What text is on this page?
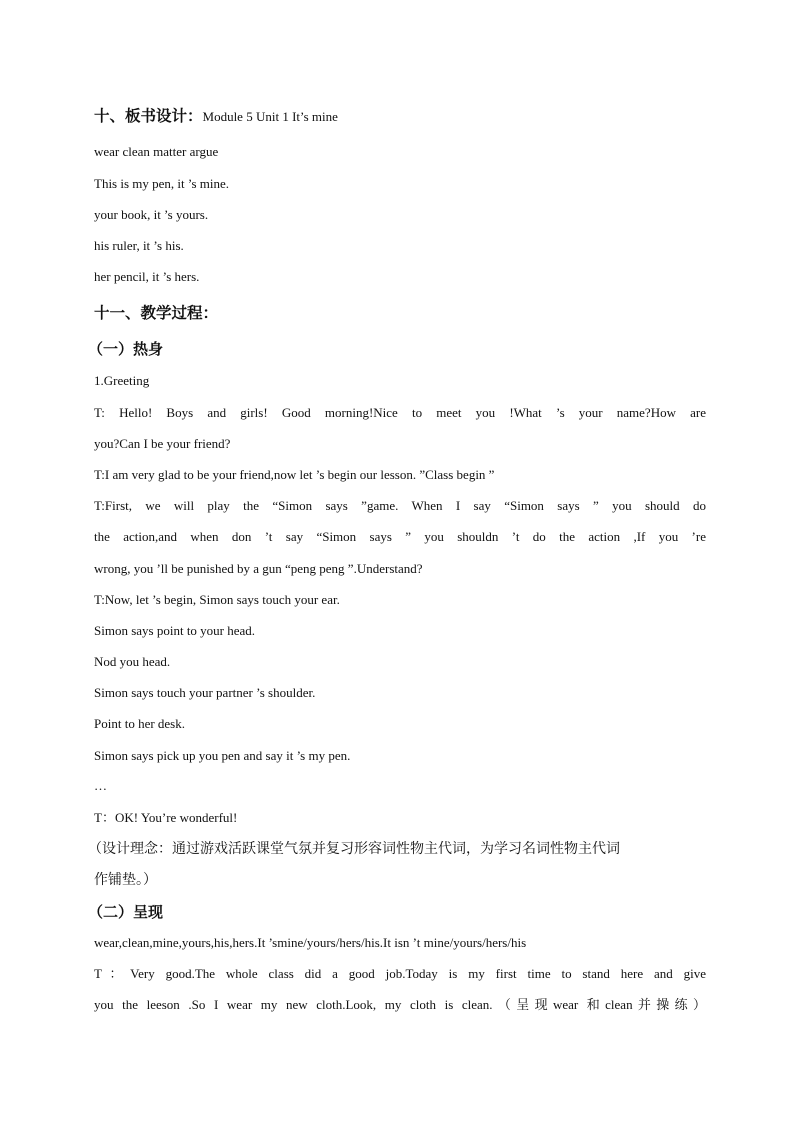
十、板书设计：Module 5 Unit 1 It’s mine
wear clean matter argue
This is my pen, it ’s mine.
your book, it ’s yours.
his ruler, it ’s his.
her pencil, it ’s hers.
十一、教学过程：
（一）热身
1.Greeting
T: Hello! Boys and girls! Good morning!Nice to meet you !What ’s your name?How are
you?Can I be your friend?
T:I am very glad to be your friend,now let ’s begin our lesson. ”Class begin ”
T:First, we will play the “Simon says ”game. When I say “Simon says ” you should do
the action,and when don ’t say “Simon says ” you shouldn ’t do the action ,If you ’re
wrong, you ’ll be punished by a gun “peng peng ”.Understand?
T:Now, let ’s begin, Simon says touch your ear.
Simon says point to your head.
Nod you head.
Simon says touch your partner ’s shoulder.
Point to her desk.
Simon says pick up you pen and say it ’s my pen.
…
T：OK! You’re wonderful!
（设计理念：通过游戏活跃课堂气氛并复习形容词性物主代词，为学习名词性物主代词
作铺垫。）
（二）呈现
wear,clean,mine,yours,his,hers.It ’smine/yours/hers/his.It isn ’t mine/yours/hers/his
T：Very good.The whole class did a good job.Today is my first time to stand here and give
you the leeson .So I wear my new cloth.Look, my cloth is clean.（呈现wear 和clean并操练）
